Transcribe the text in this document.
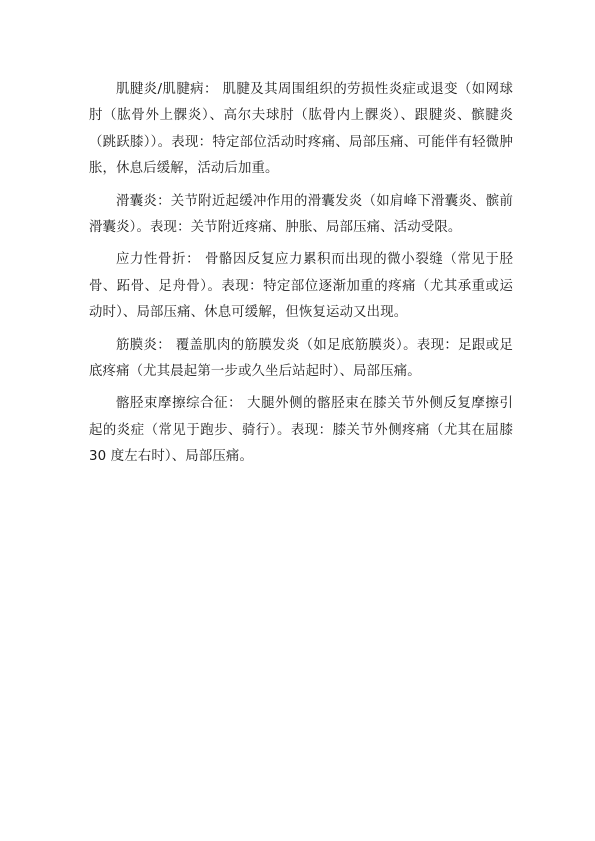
肌腱炎/肌腱病： 肌腱及其周围组织的劳损性炎症或退变（如网球肘（肱骨外上髁炎）、高尔夫球肘（肱骨内上髁炎）、跟腱炎、髌腱炎（跳跃膝））。表现：特定部位活动时疼痛、局部压痛、可能伴有轻微肿胀，休息后缓解，活动后加重。

滑囊炎：关节附近起缓冲作用的滑囊发炎（如肩峰下滑囊炎、髌前滑囊炎）。表现：关节附近疼痛、肿胀、局部压痛、活动受限。

应力性骨折： 骨骼因反复应力累积而出现的微小裂缝（常见于胫骨、跖骨、足舟骨）。表现：特定部位逐渐加重的疼痛（尤其承重或运动时）、局部压痛、休息可缓解，但恢复运动又出现。

筋膜炎： 覆盖肌肉的筋膜发炎（如足底筋膜炎）。表现：足跟或足底疼痛（尤其晨起第一步或久坐后站起时）、局部压痛。

髂胫束摩擦综合征： 大腿外侧的髂胫束在膝关节外侧反复摩擦引起的炎症（常见于跑步、骑行）。表现：膝关节外侧疼痛（尤其在屈膝 30 度左右时）、局部压痛。
